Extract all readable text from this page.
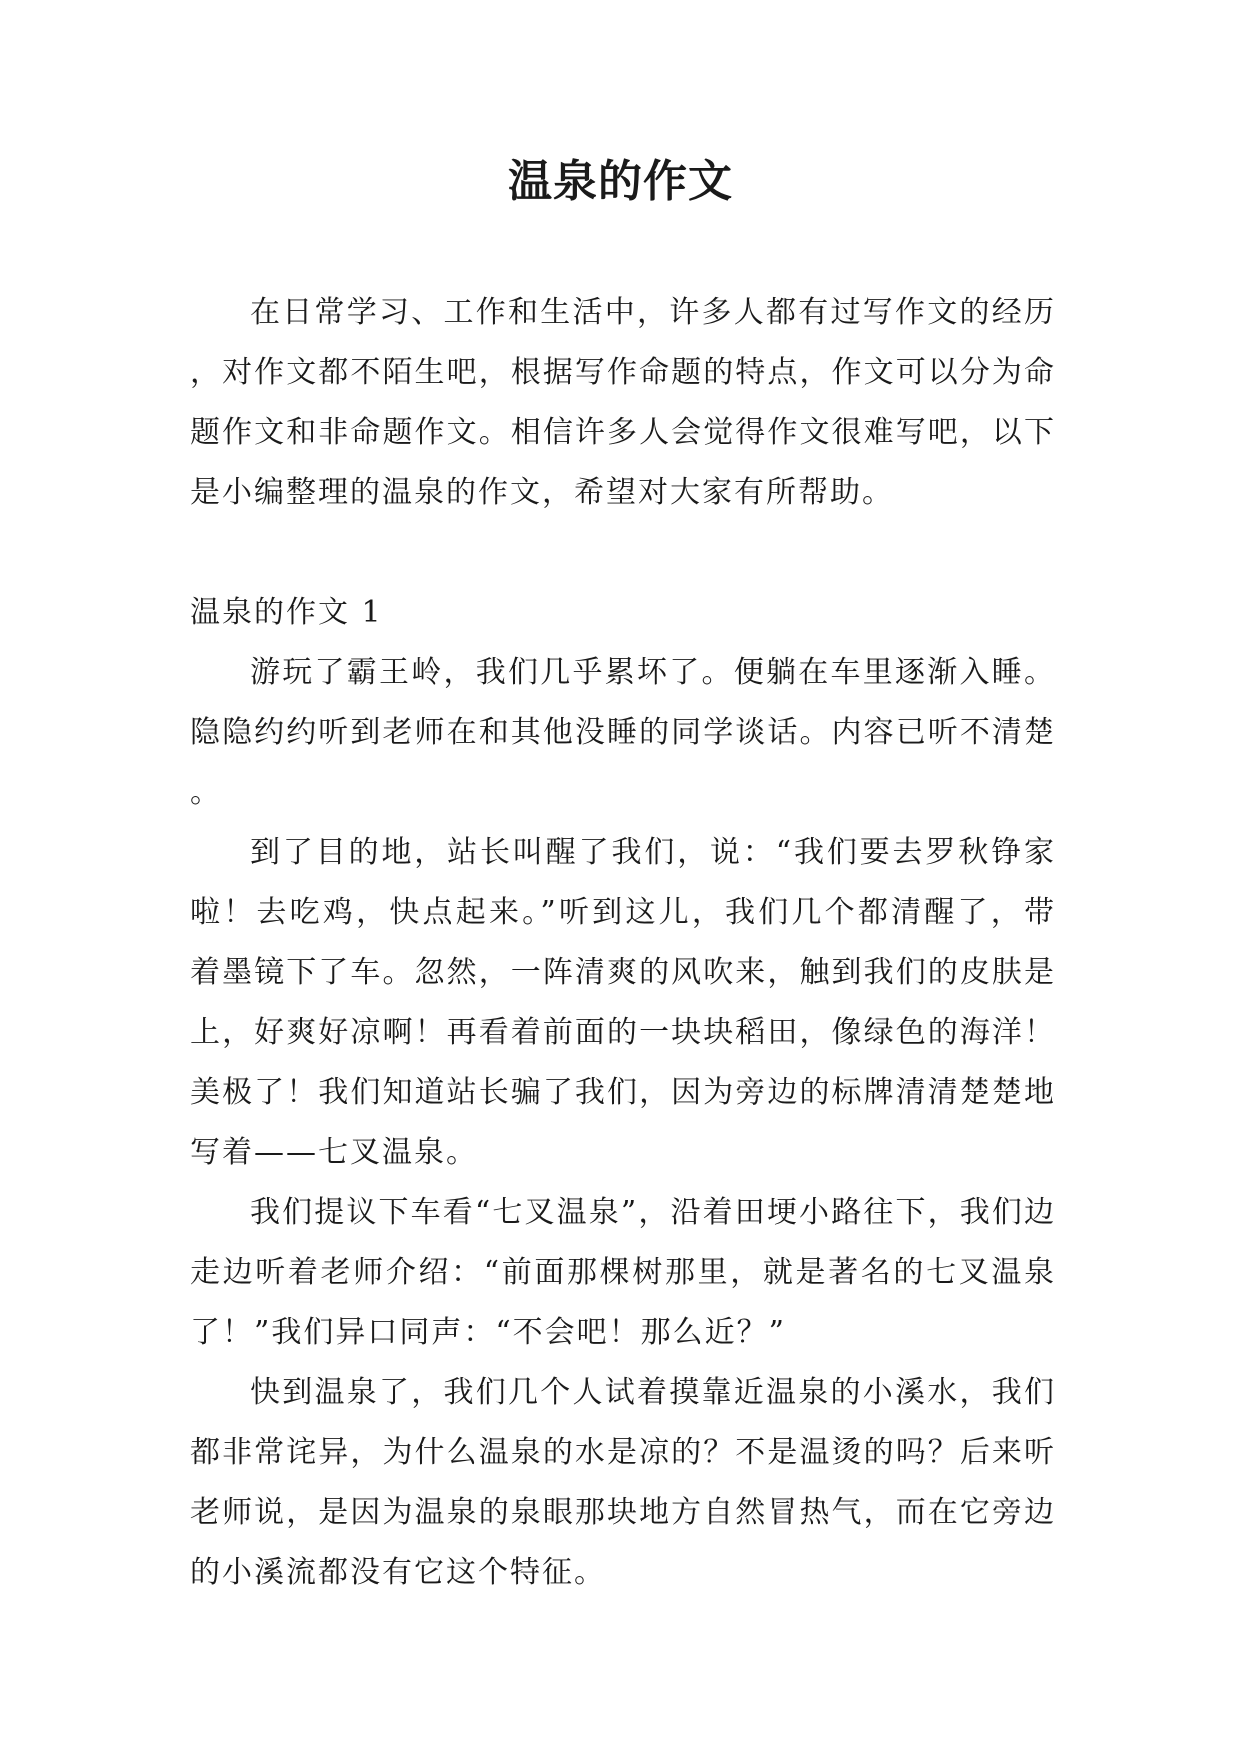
温泉的作文

在日常学习、工作和生活中，许多人都有过写作文的经历，对作文都不陌生吧，根据写作命题的特点，作文可以分为命题作文和非命题作文。相信许多人会觉得作文很难写吧，以下是小编整理的温泉的作文，希望对大家有所帮助。

温泉的作文 1

游玩了霸王岭，我们几乎累坏了。便躺在车里逐渐入睡。隐隐约约听到老师在和其他没睡的同学谈话。内容已听不清楚。

到了目的地，站长叫醒了我们，说：“我们要去罗秋铮家啦！去吃鸡，快点起来。”听到这儿，我们几个都清醒了，带着墨镜下了车。忽然，一阵清爽的风吹来，触到我们的皮肤是上，好爽好凉啊！再看着前面的一块块稻田，像绿色的海洋！美极了！我们知道站长骗了我们，因为旁边的标牌清清楚楚地写着——七叉温泉。

我们提议下车看“七叉温泉”，沿着田埂小路往下，我们边走边听着老师介绍：“前面那棵树那里，就是著名的七叉温泉了！”我们异口同声：“不会吧！那么近？”

快到温泉了，我们几个人试着摸靠近温泉的小溪水，我们都非常诧异，为什么温泉的水是凉的？不是温烫的吗？后来听老师说，是因为温泉的泉眼那块地方自然冒热气，而在它旁边的小溪流都没有它这个特征。
